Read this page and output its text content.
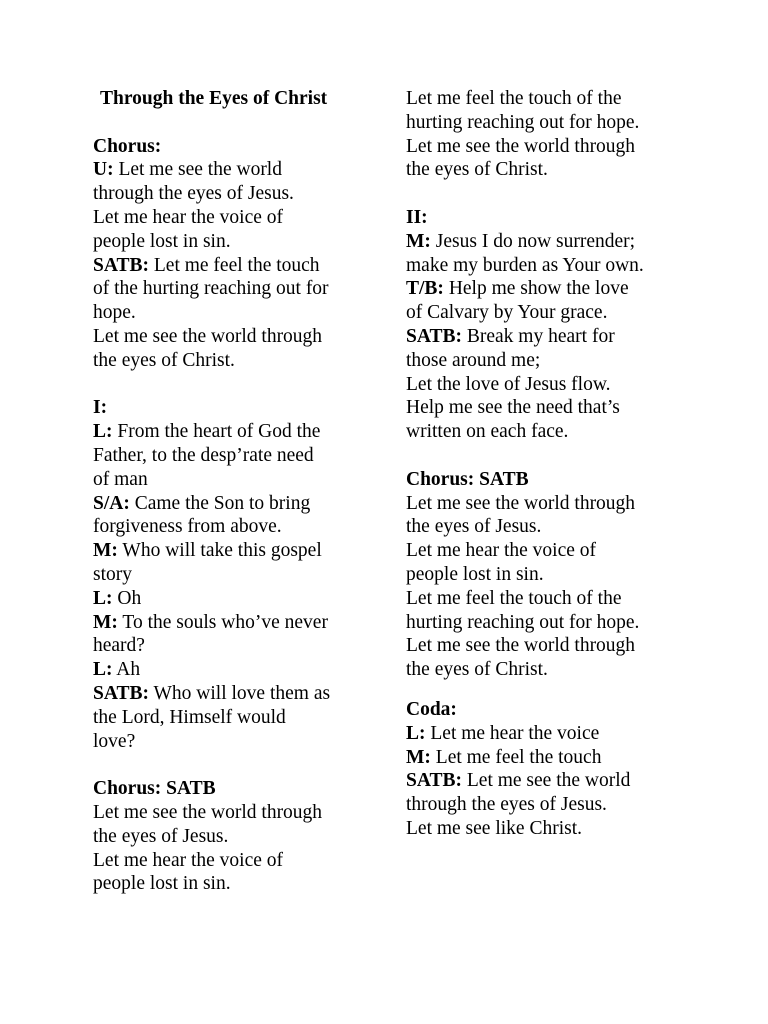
Through the Eyes of Christ

Chorus:

U: Let me see the world

through the eyes of Jesus.

Let me hear the voice of

people lost in sin.

SATB: Let me feel the touch

of the hurting reaching out for

hope.

Let me see the world through

the eyes of Christ.

I:

L: From the heart of God the

Father, to the desp’rate need

of man

S/A: Came the Son to bring

forgiveness from above.

M: Who will take this gospel

story

L: Oh

M: To the souls who’ve never

heard?

L: Ah

SATB: Who will love them as

the Lord, Himself would

love?

Chorus: SATB

Let me see the world through

the eyes of Jesus.

Let me hear the voice of

people lost in sin.

Let me feel the touch of the

hurting reaching out for hope.

Let me see the world through

the eyes of Christ.

II:

M: Jesus I do now surrender;

make my burden as Your own.

T/B: Help me show the love

of Calvary by Your grace.

SATB: Break my heart for

those around me;

Let the love of Jesus flow.

Help me see the need that’s

written on each face.

Chorus: SATB

Let me see the world through

the eyes of Jesus.

Let me hear the voice of

people lost in sin.

Let me feel the touch of the

hurting reaching out for hope.

Let me see the world through

the eyes of Christ.

Coda:

L: Let me hear the voice

M: Let me feel the touch

SATB: Let me see the world

through the eyes of Jesus.

Let me see like Christ.
